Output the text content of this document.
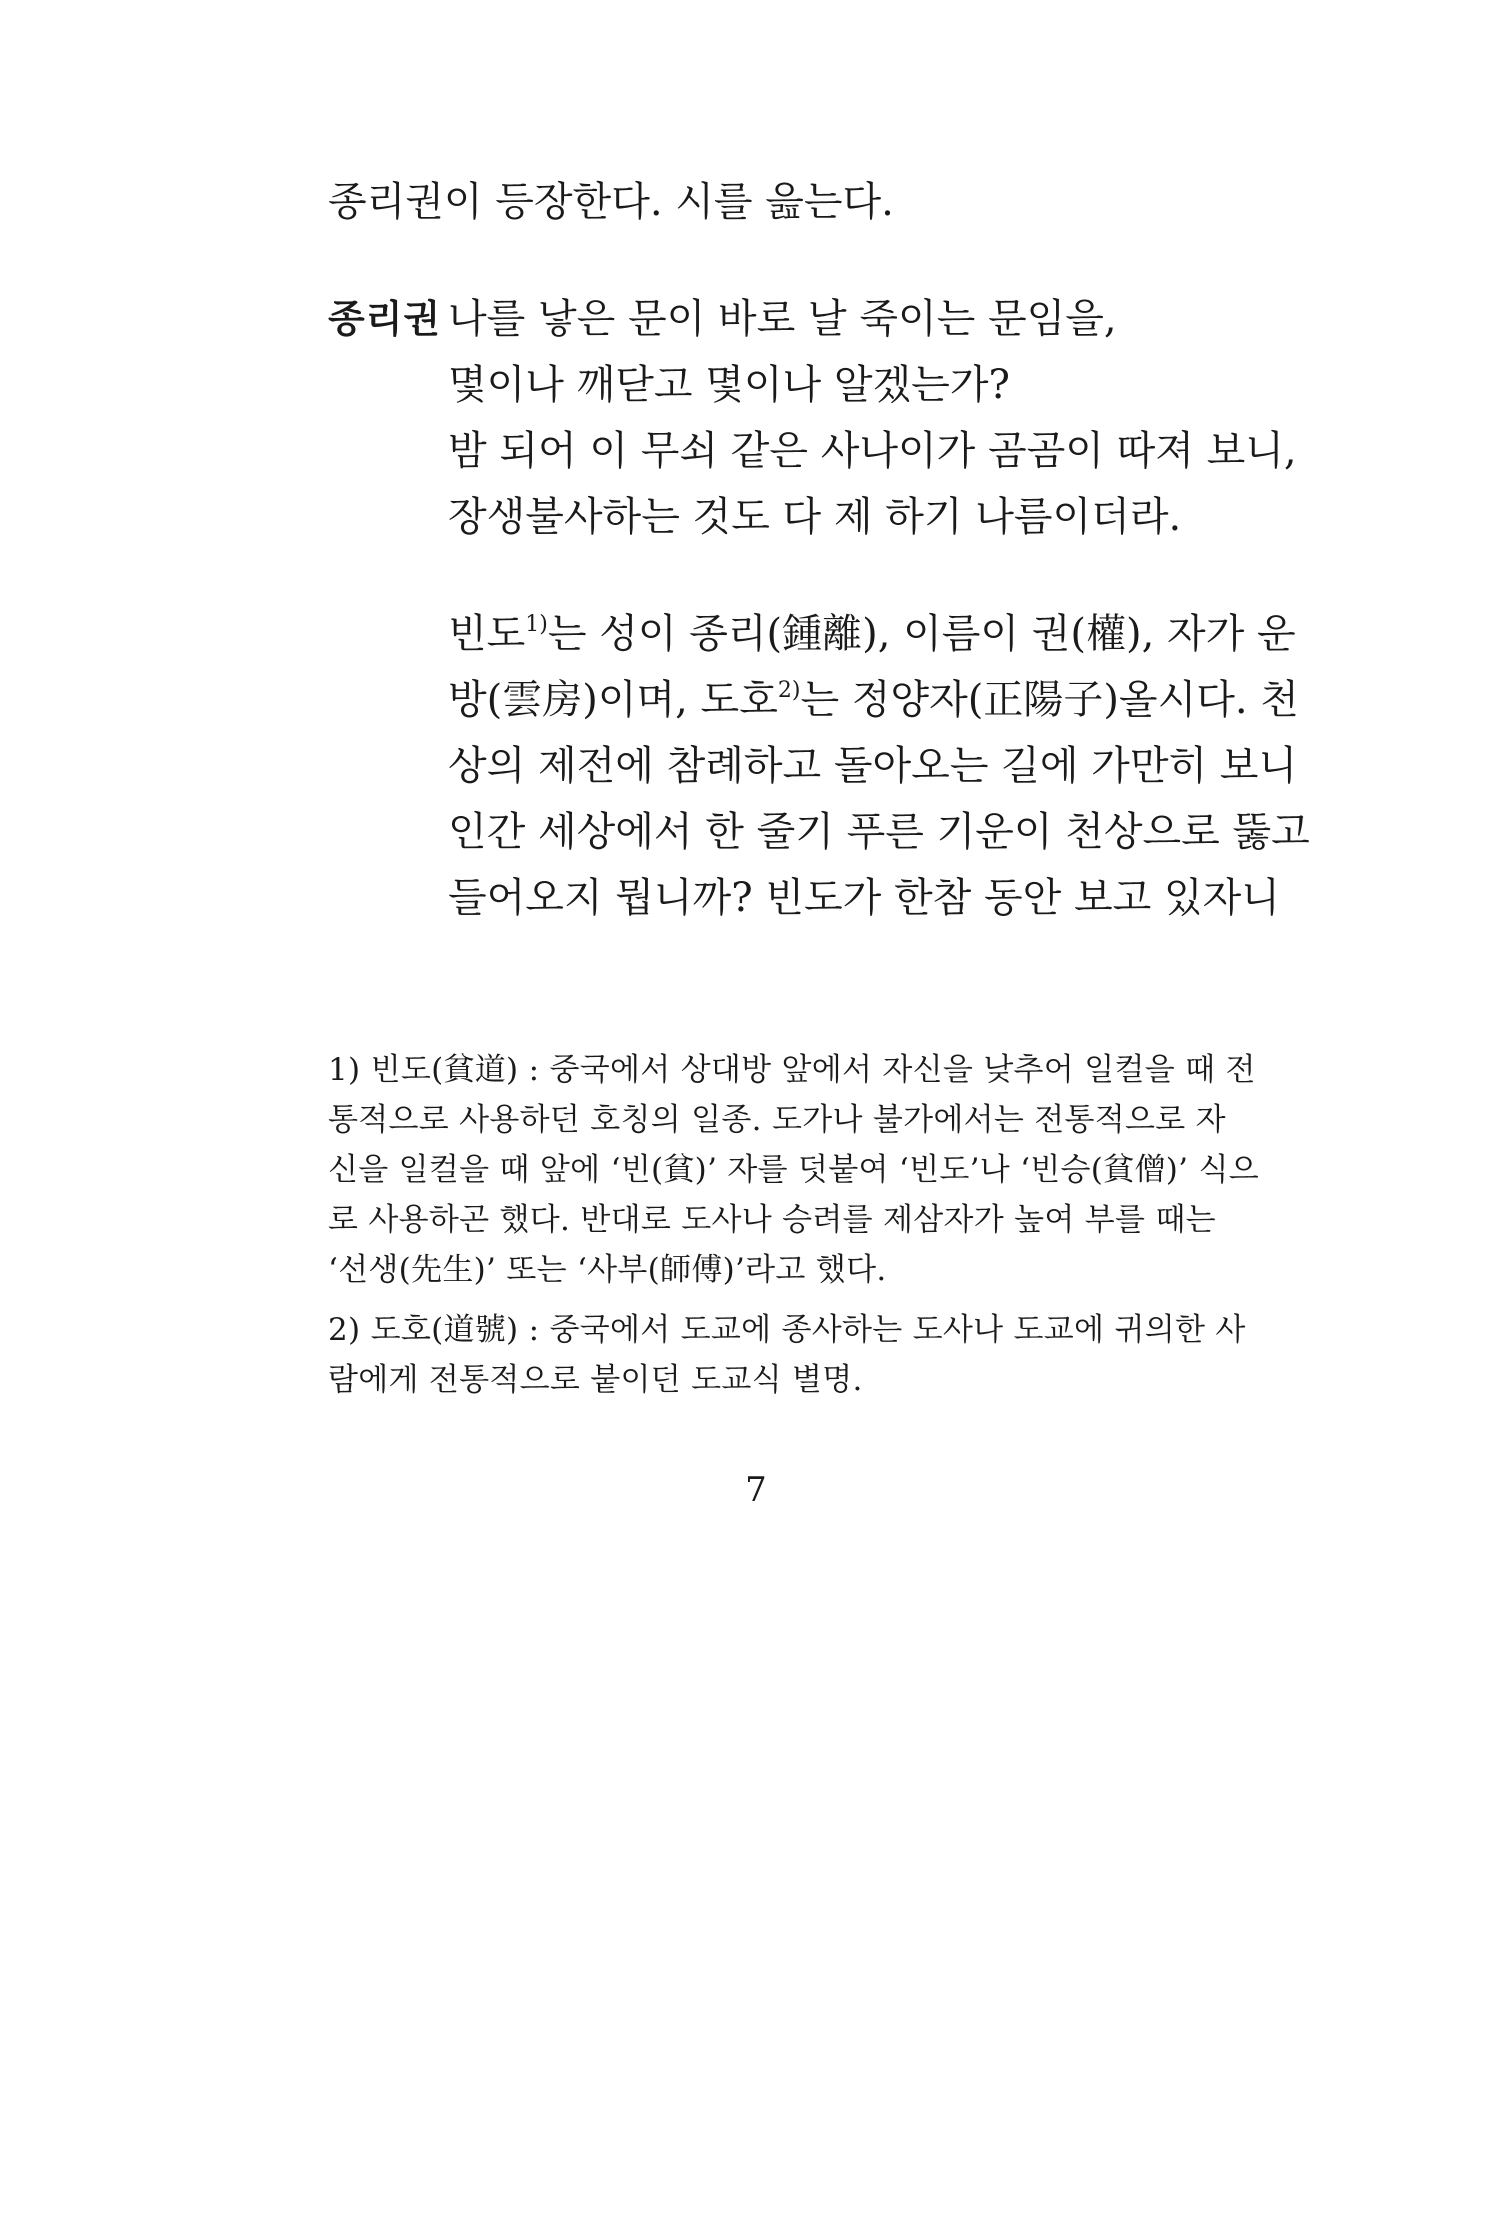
종리권이 등장한다. 시를 읊는다.
종리권 나를 낳은 문이 바로 날 죽이는 문임을,
몇이나 깨닫고 몇이나 알겠는가?
밤 되어 이 무쇠 같은 사나이가 곰곰이 따져 보니,
장생불사하는 것도 다 제 하기 나름이더라.
빈도$^{1)}$는 성이 종리(鍾離), 이름이 권(權), 자가 운
방(雲房)이며, 도호$^{2)}$는 정양자(正陽子)올시다. 천
상의 제전에 참례하고 돌아오는 길에 가만히 보니
인간 세상에서 한 줄기 푸른 기운이 천상으로 뚫고
들어오지 뭡니까? 빈도가 한참 동안 보고 있자니
1) 빈도(貧道) : 중국에서 상대방 앞에서 자신을 낮추어 일컬을 때 전
통적으로 사용하던 호칭의 일종. 도가나 불가에서는 전통적으로 자
신을 일컬을 때 앞에 ‘빈(貧)’ 자를 덧붙여 ‘빈도’나 ‘빈승(貧僧)’ 식으
로 사용하곤 했다. 반대로 도사나 승려를 제삼자가 높여 부를 때는
‘선생(先生)’ 또는 ‘사부(師傅)’라고 했다.
2) 도호(道號) : 중국에서 도교에 종사하는 도사나 도교에 귀의한 사
람에게 전통적으로 붙이던 도교식 별명.
7
